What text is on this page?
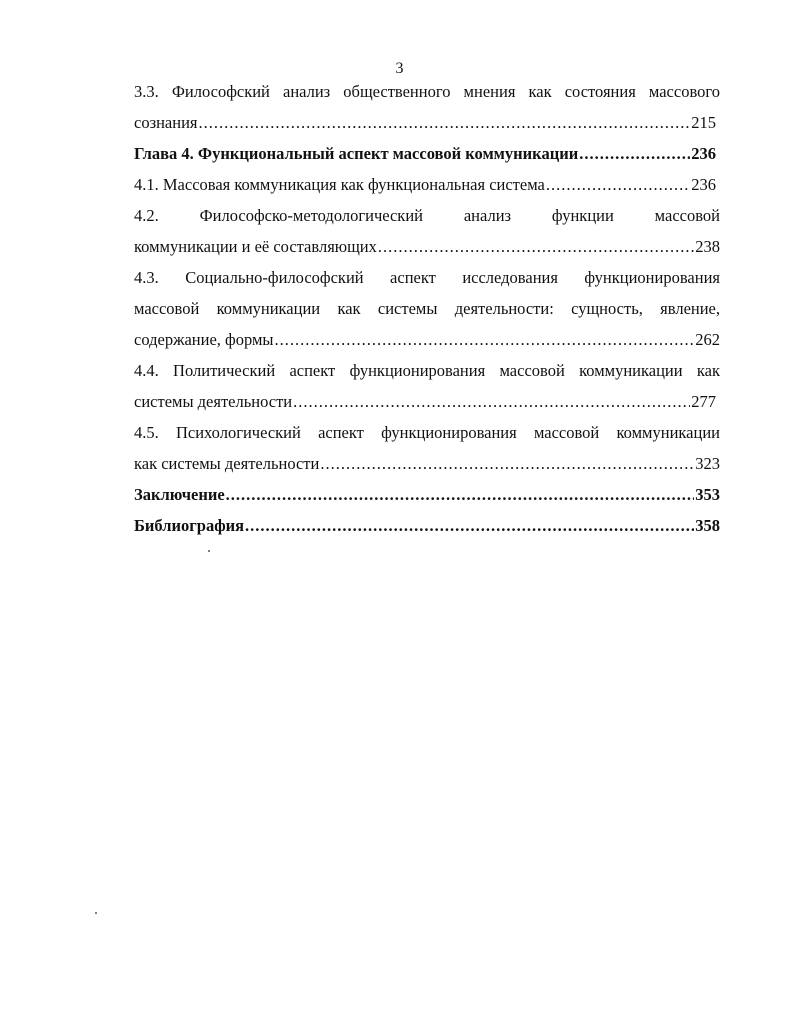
3
3.3. Философский анализ общественного мнения как состояния массового
сознания .....	215
Глава 4. Функциональный аспект массовой коммуникации .....	236
4.1. Массовая коммуникация как функциональная система .....	236
4.2. Философско-методологический анализ функции массовой
коммуникации и её составляющих .....	238
4.3. Социально-философский аспект исследования функционирования
массовой коммуникации как системы деятельности: сущность, явление,
содержание, формы .....	262
4.4. Политический аспект функционирования массовой коммуникации как
системы деятельности .....	277
4.5. Психологический аспект функционирования массовой коммуникации
как системы деятельности .....	323
Заключение .....	353
Библиография .....	358
